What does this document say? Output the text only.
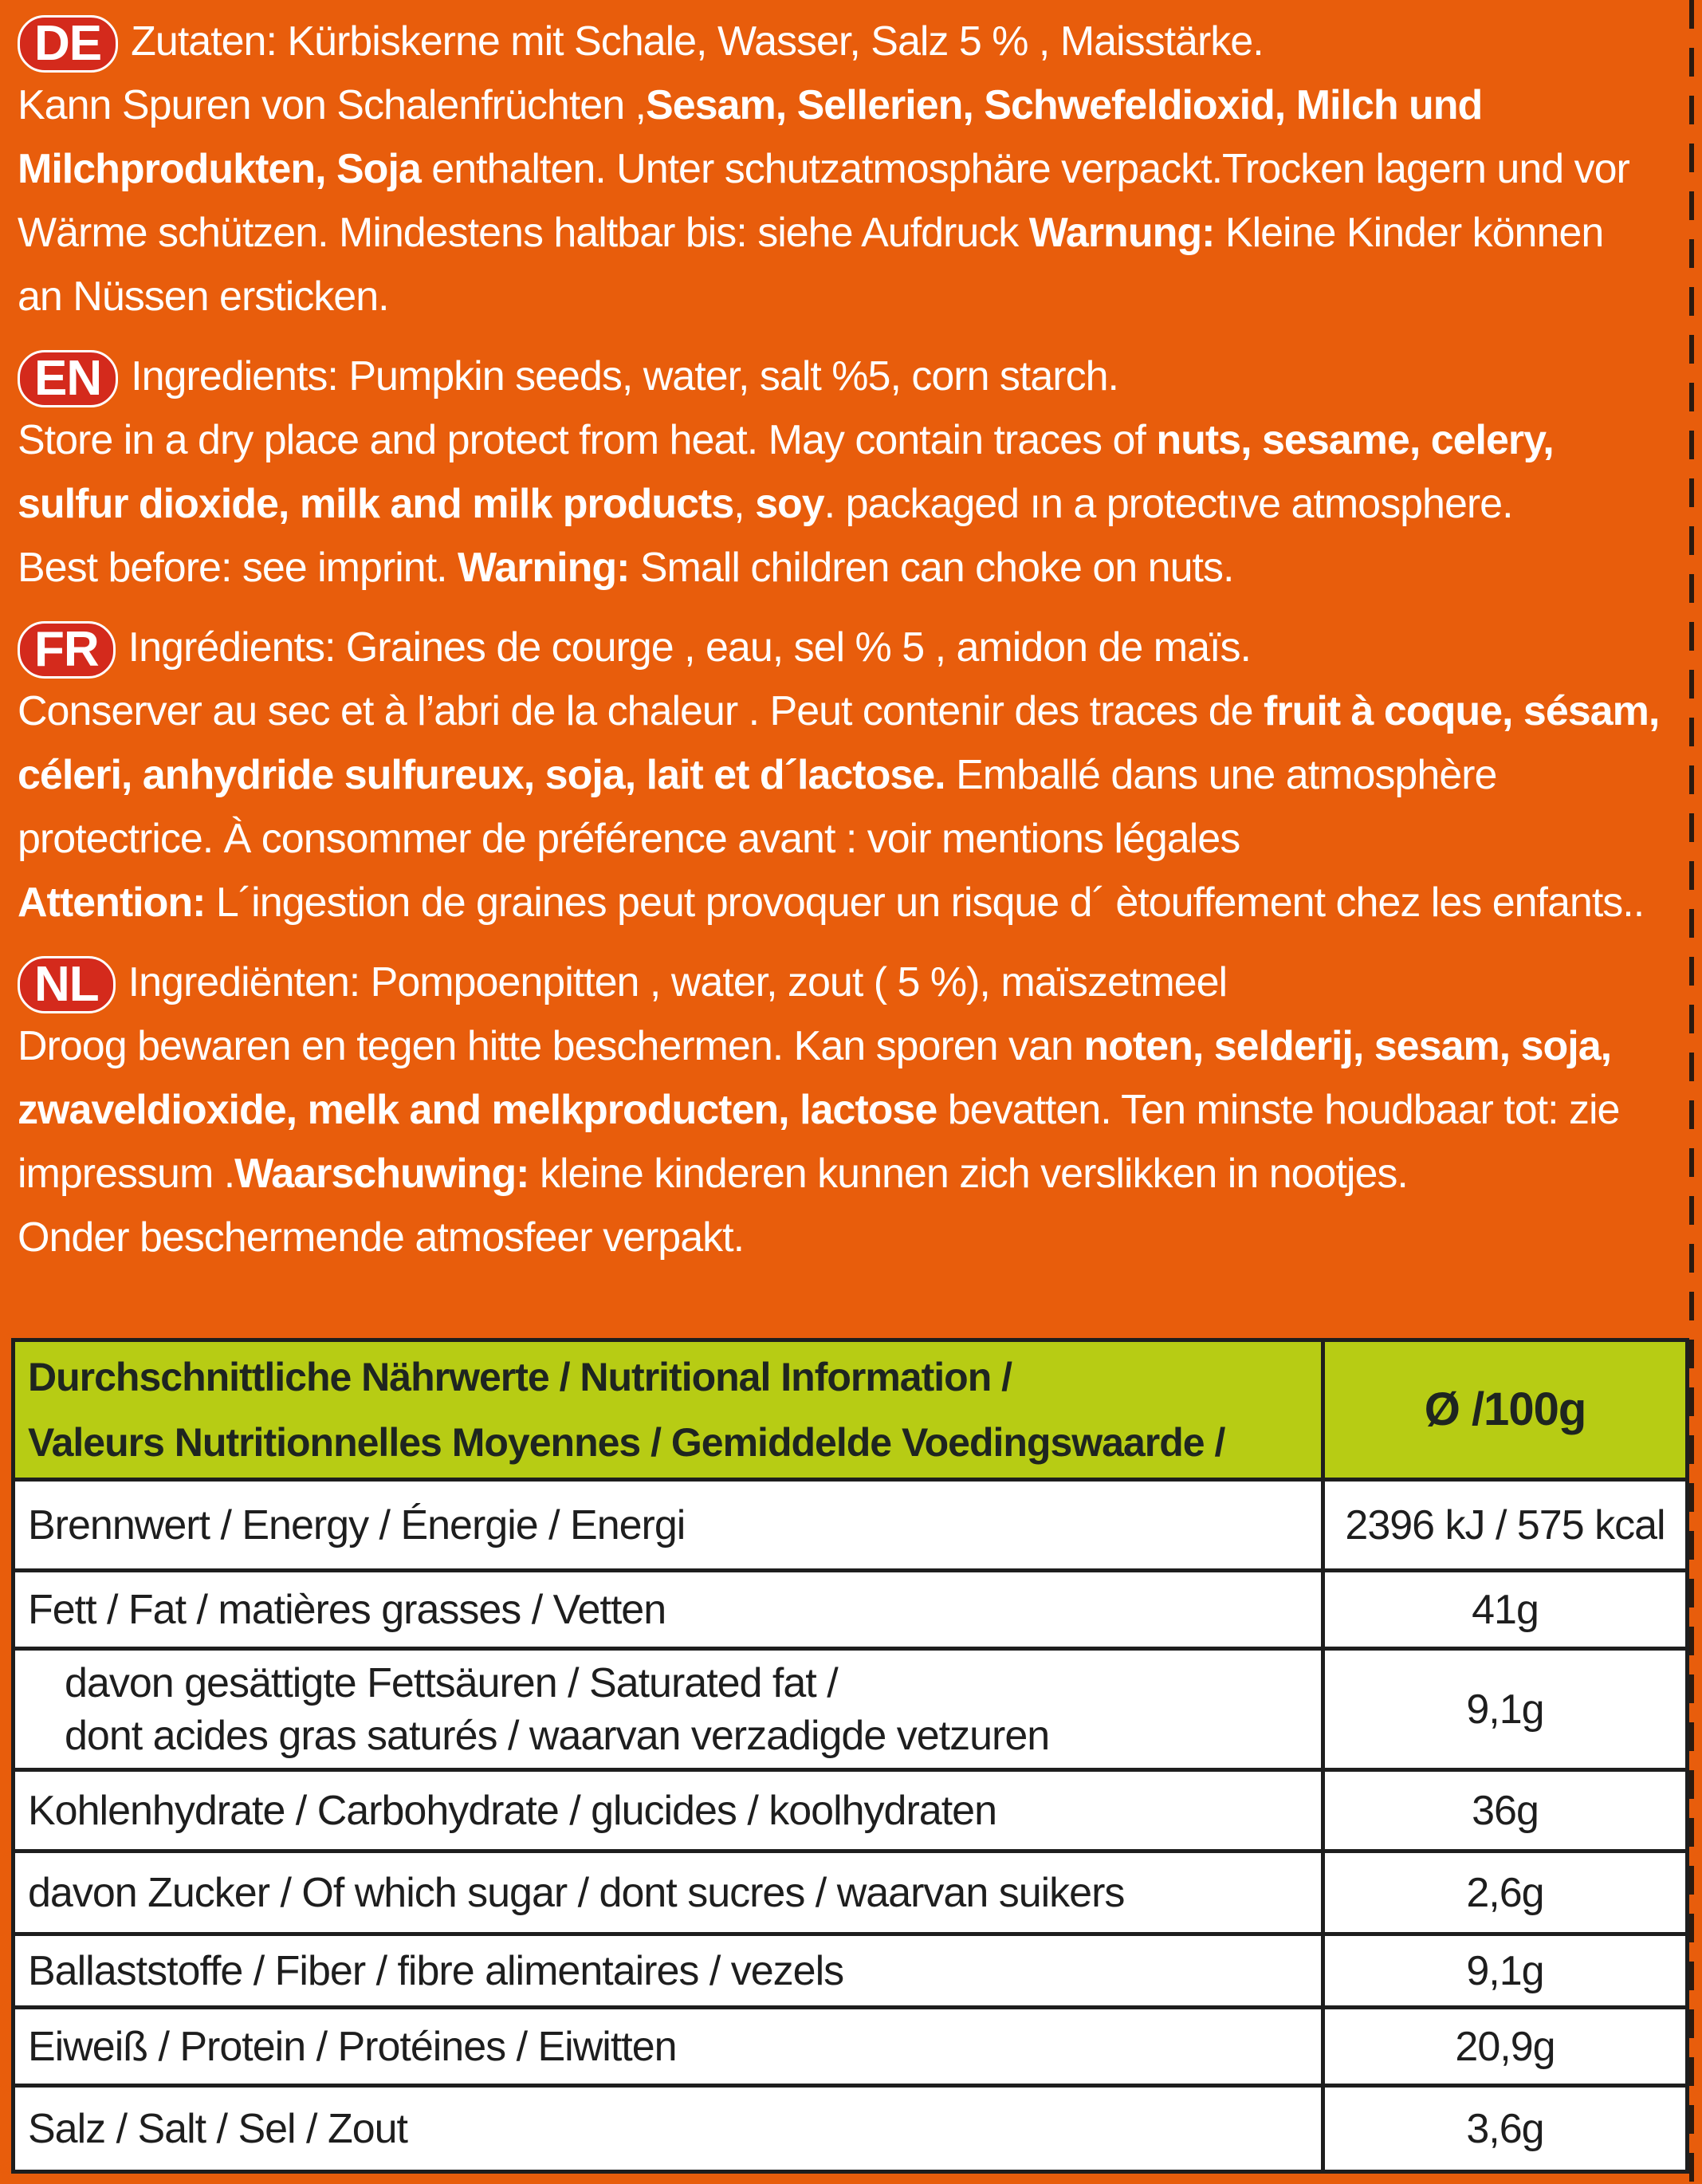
DE Zutaten: Kürbiskerne mit Schale, Wasser, Salz 5 % , Maisstärke.

Kann Spuren von Schalenfrüchten ,Sesam, Sellerien, Schwefeldioxid, Milch und

Milchprodukten, Soja enthalten. Unter schutzatmosphäre verpackt.Trocken lagern und vor

Wärme schützen. Mindestens haltbar bis: siehe Aufdruck Warnung: Kleine Kinder können

an Nüssen ersticken.

EN Ingredients: Pumpkin seeds, water, salt %5, corn starch.

Store in a dry place and protect from heat. May contain traces of nuts, sesame, celery,

sulfur dioxide, milk and milk products, soy. packaged ın a protectıve atmosphere.

Best before: see imprint. Warning: Small children can choke on nuts.

FR Ingrédients: Graines de courge , eau, sel % 5 , amidon de maïs.

Conserver au sec et à l’abri de la chaleur . Peut contenir des traces de fruit à coque, sésam,

céleri, anhydride sulfureux, soja, lait et d´lactose. Emballé dans une atmosphère

protectrice. À consommer de préférence avant : voir mentions légales

Attention: L´ingestion de graines peut provoquer un risque d´ ètouffement chez les enfants..

NL Ingrediënten: Pompoenpitten , water, zout ( 5 %), maïszetmeel

Droog bewaren en tegen hitte beschermen. Kan sporen van noten, selderij, sesam, soja,

zwaveldioxide, melk and melkproducten, lactose bevatten. Ten minste houdbaar tot: zie

impressum .Waarschuwing: kleine kinderen kunnen zich verslikken in nootjes.

Onder beschermende atmosfeer verpakt.

Durchschnittliche Nährwerte / Nutritional Information /
Valeurs Nutritionnelles Moyennes / Gemiddelde Voedingswaarde /	Ø /100g
Brennwert / Energy / Énergie / Energi	2396 kJ / 575 kcal
Fett / Fat / matières grasses / Vetten	41g

davon gesättigte Fettsäuren / Saturated fat /
dont acides gras saturés / waarvan verzadigde vetzuren	9,1g
Kohlenhydrate / Carbohydrate / glucides / koolhydraten	36g
davon Zucker / Of which sugar / dont sucres / waarvan suikers	2,6g
Ballaststoffe / Fiber / fibre alimentaires / vezels	9,1g
Eiweiß / Protein / Protéines / Eiwitten	20,9g
Salz / Salt / Sel / Zout	3,6g
